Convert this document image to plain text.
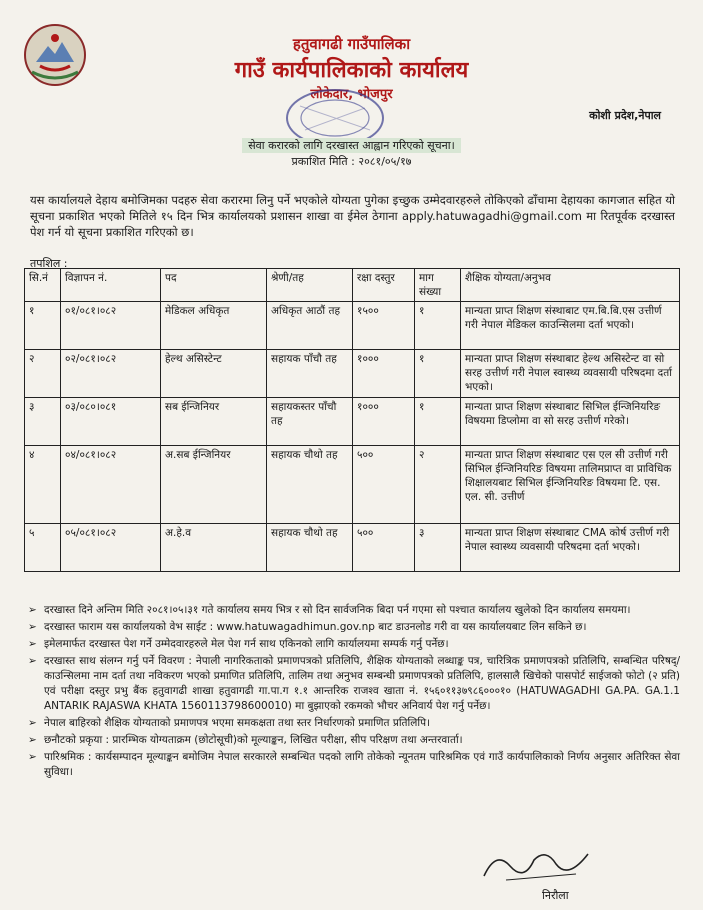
हतुवागढी गाउँपालिका
गाउँ कार्यपालिकाको कार्यालय
लोकेदार, भोजपुर
कोशी प्रदेश,नेपाल
सेवा करारको लागि दरखास्त आह्वान गरिएको सूचना।
प्रकाशित मिति : २०८१/०५/१७
यस कार्यालयले देहाय बमोजिमका पदहरु सेवा करारमा लिनु पर्ने भएकोले योग्यता पुगेका इच्छुक उम्मेदवारहरुले तोकिएको ढाँचामा देहायका कागजात सहित यो सूचना प्रकाशित भएको मितिले १५ दिन भित्र कार्यालयको प्रशासन शाखा वा ईमेल ठेगाना apply.hatuwagadhi@gmail.com मा रितपूर्वक दरखास्त पेश गर्न यो सूचना प्रकाशित गरिएको छ।
तपशिल :
सि.नं	विज्ञापन नं.	पद	श्रेणी/तह	रक्षा दस्तुर	माग संख्या	शैक्षिक योग्यता/अनुभव
१	०१/०८१।०८२	मेडिकल अधिकृत	अधिकृत आठौं तह	१५००	१	मान्यता प्राप्त शिक्षण संस्थाबाट एम.बि.बि.एस उत्तीर्ण गरी नेपाल मेडिकल काउन्सिलमा दर्ता भएको।
२	०२/०८१।०८२	हेल्थ असिस्टेन्ट	सहायक पाँचौ तह	१०००	१	मान्यता प्राप्त शिक्षण संस्थाबाट हेल्थ असिस्टेन्ट वा सो सरह उत्तीर्ण गरी नेपाल स्वास्थ्य व्यवसायी परिषदमा दर्ता भएको।
३	०३/०८०।०८१	सब ईन्जिनियर	सहायकस्तर पाँचौ तह	१०००	१	मान्यता प्राप्त शिक्षण संस्थाबाट सिभिल ईन्जिनियरिङ विषयमा डिप्लोमा वा सो सरह उत्तीर्ण गरेको।
४	०४/०८१।०८२	अ.सब ईन्जिनियर	सहायक चौथो तह	५००	२	मान्यता प्राप्त शिक्षण संस्थाबाट एस एल सी उत्तीर्ण गरी सिभिल ईन्जिनियरिङ विषयमा तालिमप्राप्त वा प्राविधिक शिक्षालयबाट सिभिल ईन्जिनियरिङ विषयमा टि. एस. एल. सी. उत्तीर्ण
५	०५/०८१।०८२	अ.हे.व	सहायक चौथो तह	५००	३	मान्यता प्राप्त शिक्षण संस्थाबाट CMA कोर्ष उत्तीर्ण गरी नेपाल स्वास्थ्य व्यवसायी परिषदमा दर्ता भएको।
➢ दरखास्त दिने अन्तिम मिति २०८१।०५।३१ गते कार्यालय समय भित्र र सो दिन सार्वजनिक बिदा पर्न गएमा सो पश्चात कार्यालय खुलेको दिन कार्यालय समयमा।
➢ दरखास्त फाराम यस कार्यालयको वेभ साईट : www.hatuwagadhimun.gov.np बाट डाउनलोड गरी वा यस कार्यालयबाट लिन सकिने छ।
➢ इमेलमार्फत दरखास्त पेश गर्ने उम्मेदवारहरुले मेल पेश गर्न साथ एकिनको लागि कार्यालयमा सम्पर्क गर्नु पर्नेछ।
➢ दरखास्त साथ संलग्न गर्नु पर्ने विवरण : नेपाली नागरिकताको प्रमाणपत्रको प्रतिलिपि, शैक्षिक योग्यताको लब्धाङ्क पत्र, चारित्रिक प्रमाणपत्रको प्रतिलिपि, सम्बन्धित परिषद्/काउन्सिलमा नाम दर्ता तथा नविकरण भएको प्रमाणित प्रतिलिपि, तालिम तथा अनुभव सम्बन्धी प्रमाणपत्रको प्रतिलिपि, हालसालै खिचेको पासपोर्ट साईजको फोटो (२ प्रति) एवं परीक्षा दस्तुर प्रभु बैंक हतुवागढी शाखा हतुवागढी गा.पा.ग १.१ आन्तरिक राजश्व खाता नं. १५६०११३७९८६०००१० (HATUWAGADHI GA.PA. GA.1.1 ANTARIK RAJASWA KHATA 1560113798600010) मा बुझाएको रकमको भौचर अनिवार्य पेश गर्नु पर्नेछ।
➢ नेपाल बाहिरको शैक्षिक योग्यताको प्रमाणपत्र भएमा समकक्षता तथा स्तर निर्धारणको प्रमाणित प्रतिलिपि।
➢ छनौटको प्रकृया : प्रारम्भिक योग्यताक्रम (छोटोसूची)को मूल्याङ्कन, लिखित परीक्षा, सीप परिक्षण तथा अन्तरवार्ता।
➢ पारिश्रमिक : कार्यसम्पादन मूल्याङ्कन बमोजिम नेपाल सरकारले सम्बन्धित पदको लागि तोकेको न्यूनतम पारिश्रमिक एवं गाउँ कार्यपालिकाको निर्णय अनुसार अतिरिक्त सेवा सुविधा।
निरौला
